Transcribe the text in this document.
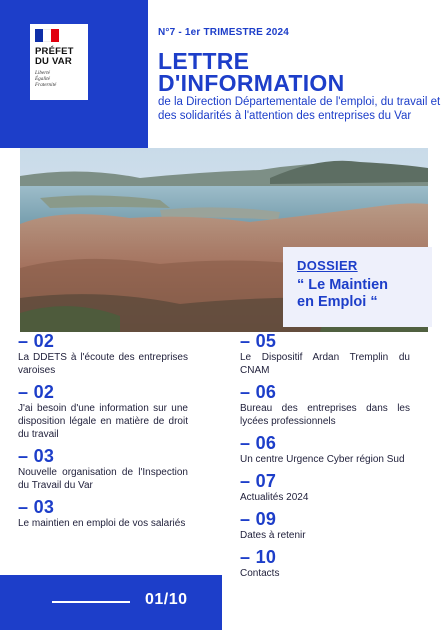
PRÉFET
DU VAR
Liberté
Égalité
Fraternité
N°7 - 1er TRIMESTRE 2024
LETTRE
D'INFORMATION
de la Direction Départementale de l'emploi, du travail et des solidarités à l'attention des entreprises du Var
DOSSIER
“ Le Maintien
en Emploi “
– 02
La DDETS à l'écoute des entreprises varoises
– 02
J'ai besoin d'une information sur une disposition légale en matière de droit du travail
– 03
Nouvelle organisation de l'Inspection du Travail du Var
– 03
Le maintien en emploi de vos salariés
– 05
Le Dispositif Ardan Tremplin du CNAM
– 06
Bureau des entreprises dans les lycées professionnels
– 06
Un centre Urgence Cyber région Sud
– 07
Actualités 2024
– 09
Dates à retenir
– 10
Contacts
01/10
